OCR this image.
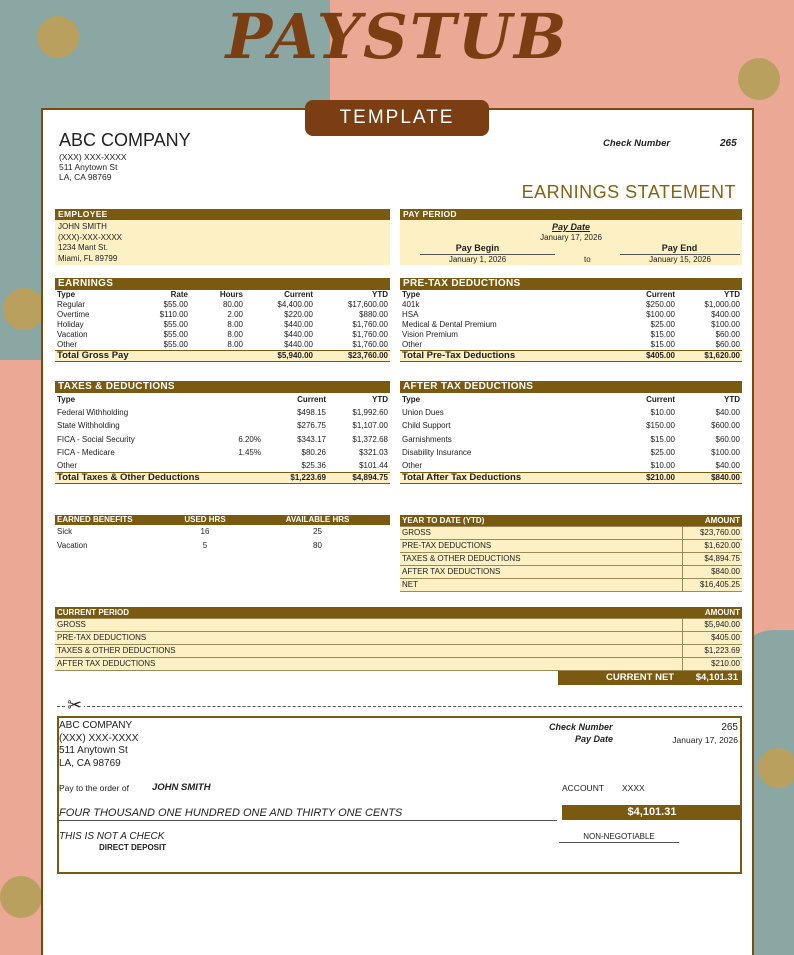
PAYSTUB
TEMPLATE
ABC COMPANY
(XXX) XXX-XXXX
511 Anytown St
LA, CA 98769
Check Number	265
EARNINGS STATEMENT
EMPLOYEE
JOHN SMITH
(XXX)-XXX-XXXX
1234 Mant St.
Miami, FL 89799
PAY PERIOD
Pay Date
January 17, 2026
Pay Begin
January 1, 2026	to
Pay End
January 15, 2026
EARNINGS
Type	Rate	Hours	Current	YTD
Regular	$55.00	80.00	$4,400.00	$17,600.00
Overtime	$110.00	2.00	$220.00	$880.00
Holiday	$55.00	8.00	$440.00	$1,760.00
Vacation	$55.00	8.00	$440.00	$1,760.00
Other	$55.00	8.00	$440.00	$1,760.00
Total Gross Pay			$5,940.00	$23,760.00
PRE-TAX DEDUCTIONS
Type	Current	YTD
401k	$250.00	$1,000.00
HSA	$100.00	$400.00
Medical & Dental Premium	$25.00	$100.00
Vision Premium	$15.00	$60.00
Other	$15.00	$60.00
Total Pre-Tax Deductions	$405.00	$1,620.00
TAXES & DEDUCTIONS
Type		Current	YTD
Federal Withholding		$498.15	$1,992.60
State Withholding		$276.75	$1,107.00
FICA - Social Security	6.20%	$343.17	$1,372.68
FICA - Medicare	1.45%	$80.26	$321.03
Other		$25.36	$101.44
Total Taxes & Other Deductions		$1,223.69	$4,894.75
AFTER TAX DEDUCTIONS
Type	Current	YTD
Union Dues	$10.00	$40.00
Child Support	$150.00	$600.00
Garnishments	$15.00	$60.00
Disability Insurance	$25.00	$100.00
Other	$10.00	$40.00
Total After Tax Deductions	$210.00	$840.00
EARNED BENEFITS	USED HRS	AVAILABLE HRS
Sick	16	25
Vacation	5	80
YEAR TO DATE (YTD)	AMOUNT
GROSS	$23,760.00
PRE-TAX DEDUCTIONS	$1,620.00
TAXES & OTHER DEDUCTIONS	$4,894.75
AFTER TAX DEDUCTIONS	$840.00
NET	$16,405.25
CURRENT PERIOD	AMOUNT
GROSS	$5,940.00
PRE-TAX DEDUCTIONS	$405.00
TAXES & OTHER DEDUCTIONS	$1,223.69
AFTER TAX DEDUCTIONS	$210.00
CURRENT NET $4,101.31
✂
ABC COMPANY
(XXX) XXX-XXXX
511 Anytown St
LA, CA 98769
Check Number	265
Pay Date	January 17, 2026
Pay to the order of JOHN SMITH	ACCOUNT XXXX
FOUR THOUSAND ONE HUNDRED ONE AND THIRTY ONE CENTS	$4,101.31
THIS IS NOT A CHECK
DIRECT DEPOSIT
NON-NEGOTIABLE
